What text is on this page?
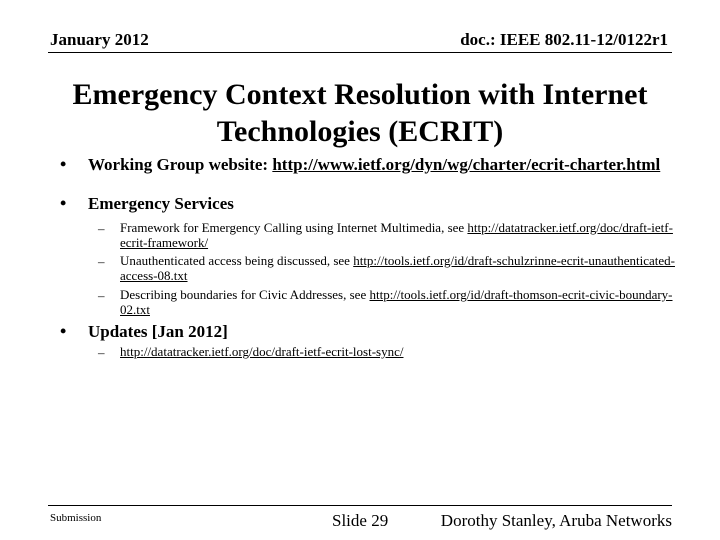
January 2012	doc.: IEEE 802.11-12/0122r1
Emergency Context Resolution with Internet Technologies (ECRIT)
• Working Group website: http://www.ietf.org/dyn/wg/charter/ecrit-charter.html
• Emergency Services
– Framework for Emergency Calling using Internet Multimedia, see http://datatracker.ietf.org/doc/draft-ietf-ecrit-framework/
– Unauthenticated access being discussed, see http://tools.ietf.org/id/draft-schulzrinne-ecrit-unauthenticated-access-08.txt
– Describing boundaries for Civic Addresses, see http://tools.ietf.org/id/draft-thomson-ecrit-civic-boundary-02.txt
• Updates [Jan 2012]
– http://datatracker.ietf.org/doc/draft-ietf-ecrit-lost-sync/
Submission	Slide 29	Dorothy Stanley, Aruba Networks
